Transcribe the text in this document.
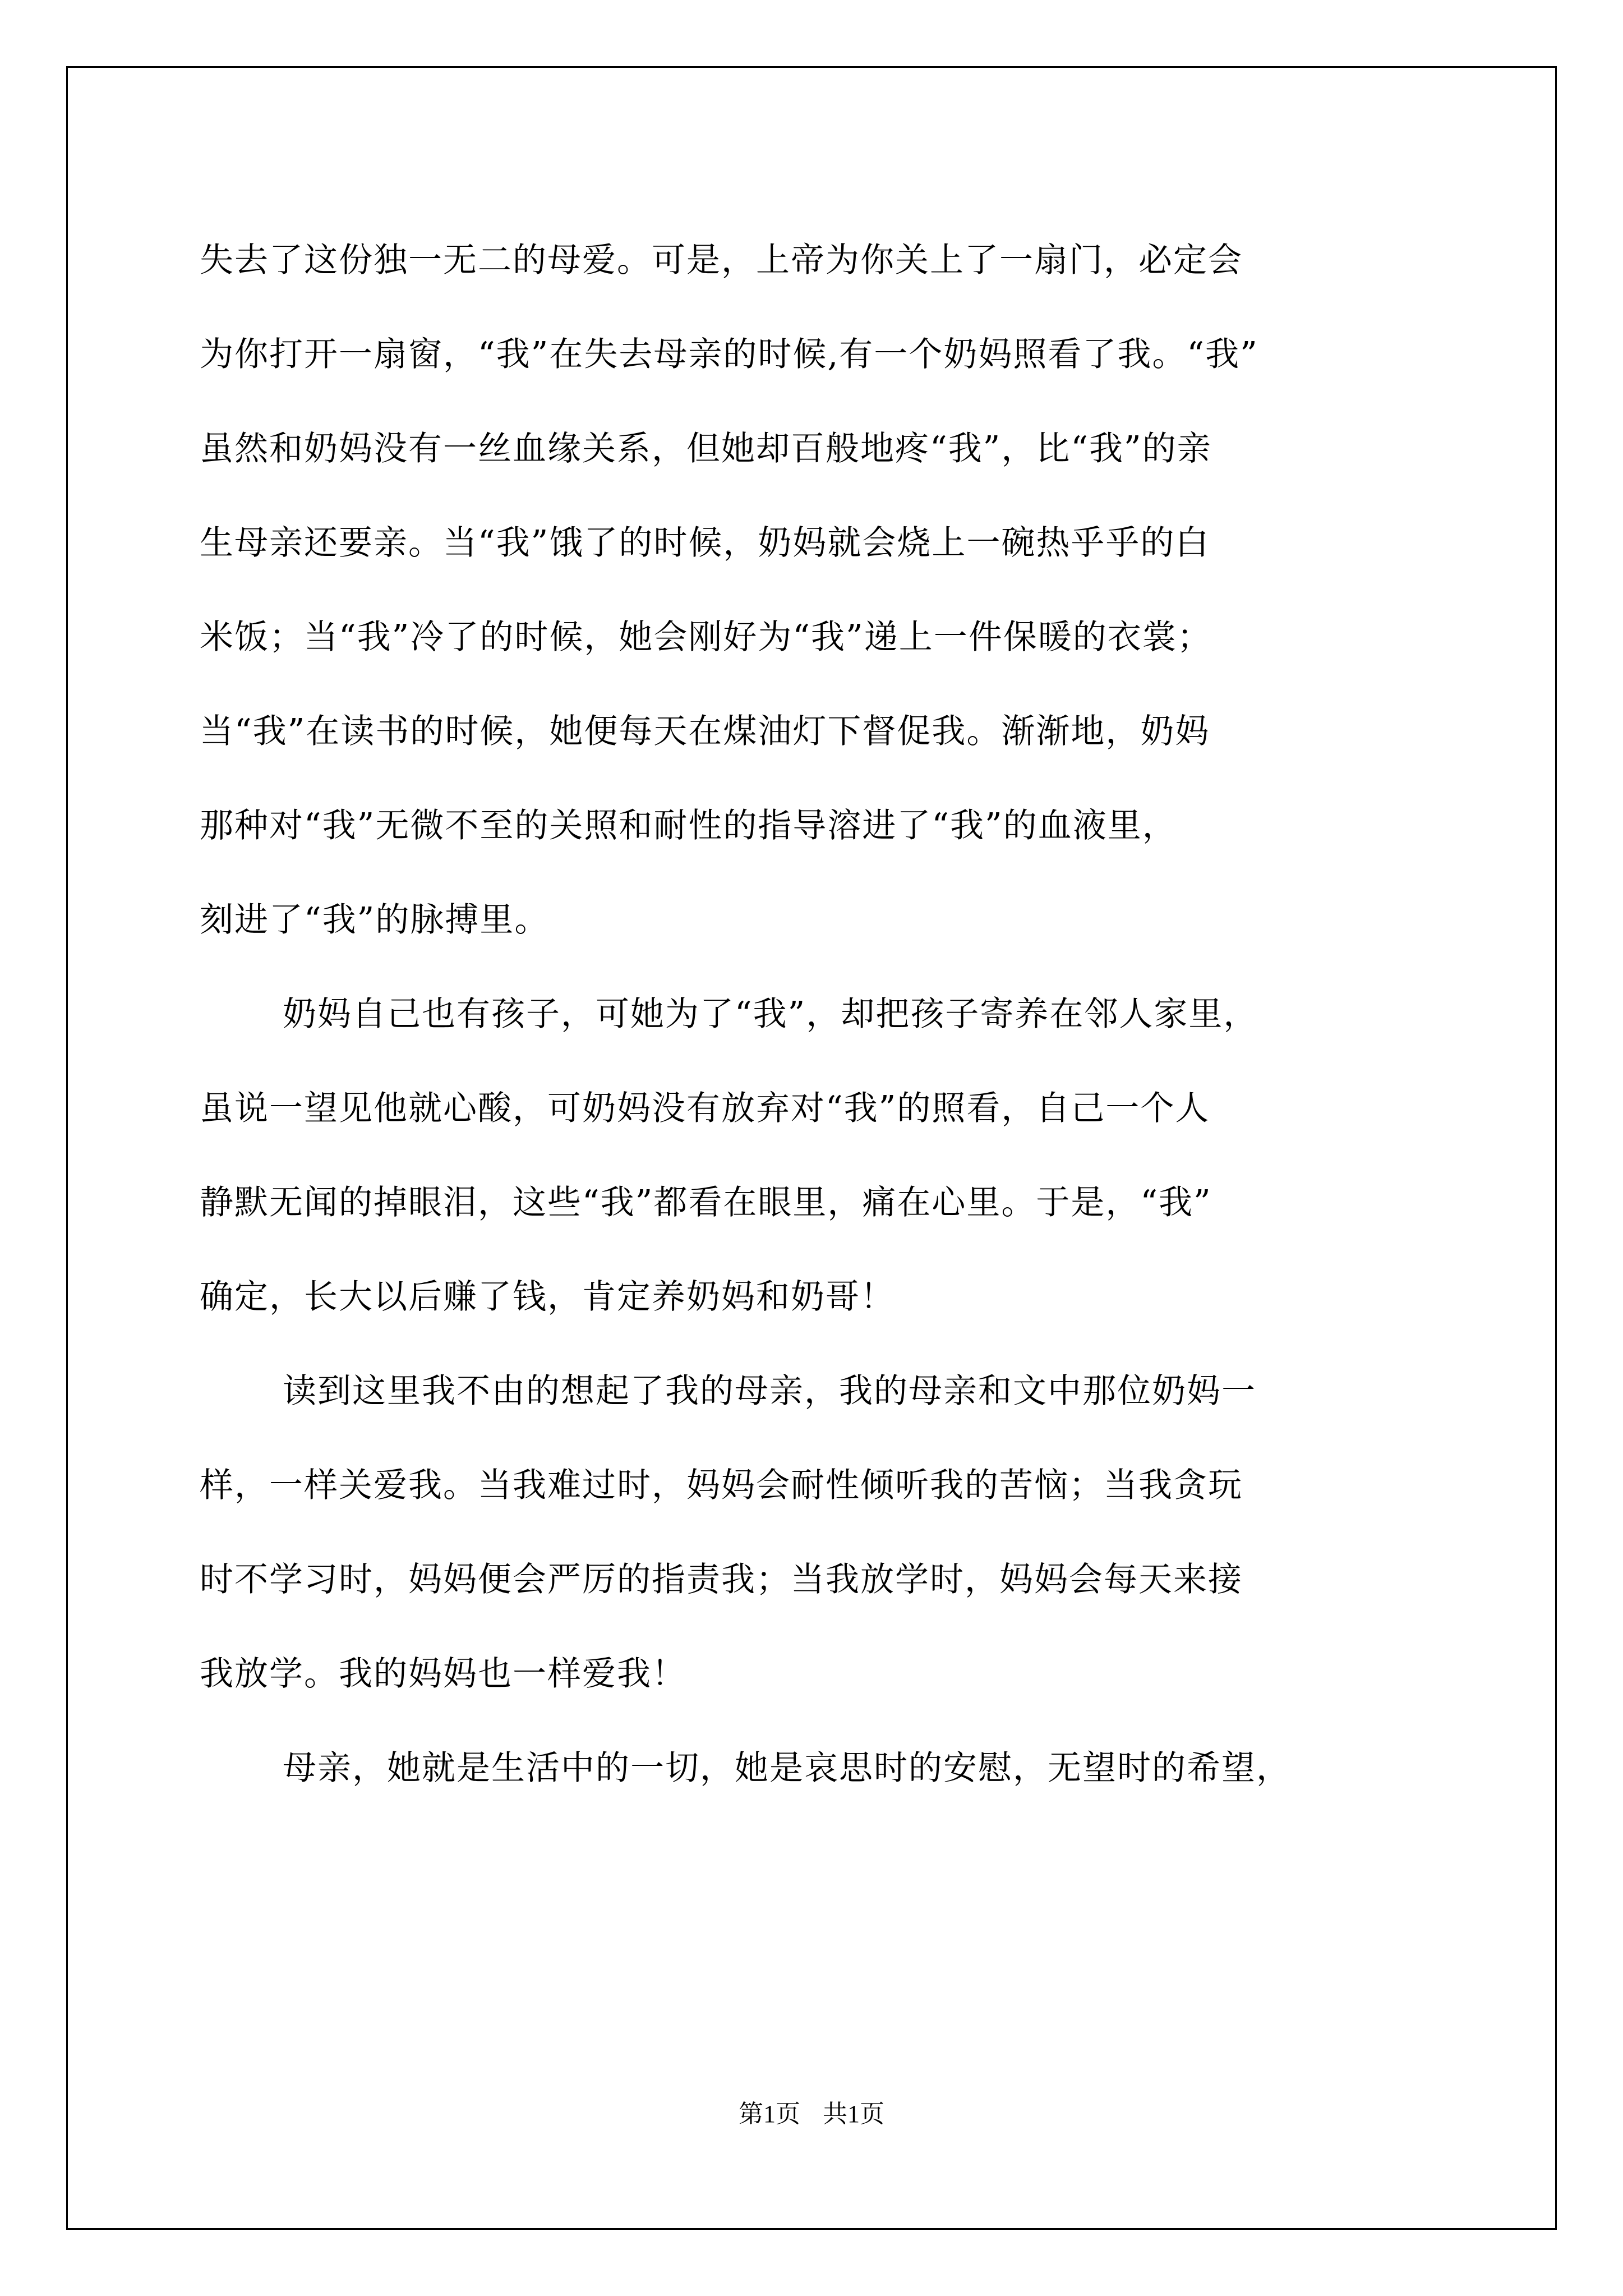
失去了这份独一无二的母爱。可是，上帝为你关上了一扇门，必定会
为你打开一扇窗，“我”在失去母亲的时候,有一个奶妈照看了我。“我”
虽然和奶妈没有一丝血缘关系，但她却百般地疼“我”，比“我”的亲
生母亲还要亲。当“我”饿了的时候，奶妈就会烧上一碗热乎乎的白
米饭；当“我”冷了的时候，她会刚好为“我”递上一件保暖的衣裳；
当“我”在读书的时候，她便每天在煤油灯下督促我。渐渐地，奶妈
那种对“我”无微不至的关照和耐性的指导溶进了“我”的血液里，
刻进了“我”的脉搏里。
奶妈自己也有孩子，可她为了“我”，却把孩子寄养在邻人家里，
虽说一望见他就心酸，可奶妈没有放弃对“我”的照看，自己一个人
静默无闻的掉眼泪，这些“我”都看在眼里，痛在心里。于是，“我”
确定，长大以后赚了钱，肯定养奶妈和奶哥！
读到这里我不由的想起了我的母亲，我的母亲和文中那位奶妈一
样，一样关爱我。当我难过时，妈妈会耐性倾听我的苦恼；当我贪玩
时不学习时，妈妈便会严厉的指责我；当我放学时，妈妈会每天来接
我放学。我的妈妈也一样爱我！
母亲，她就是生活中的一切，她是哀思时的安慰，无望时的希望，
第1页 共1页
